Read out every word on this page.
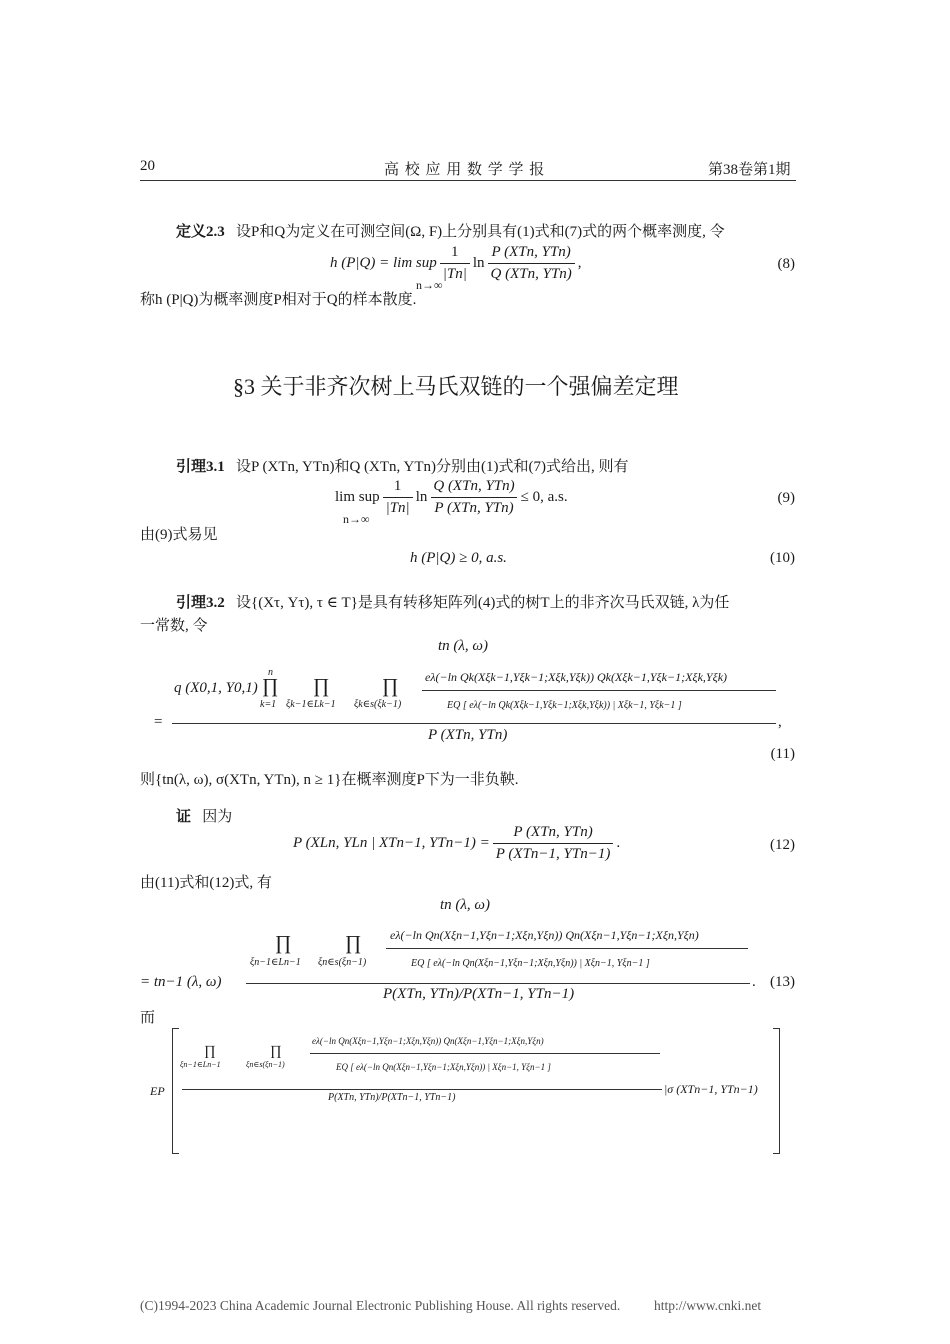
20	高 校 应 用 数 学 学 报	第38卷第1期
定义2.3 设P和Q为定义在可测空间(Ω, F)上分别具有(1)式和(7)式的两个概率测度, 令
h (P|Q) = lim sup
n→∞
$\frac{1}{|Tn|}$ $\ln \frac{\text{P (XTn, YTn)}}{\text{Q (XTn, YTn)}}$ ,	(8)
称h (P|Q)为概率测度P相对于Q的样本散度.
§3 关于非齐次树上马氏双链的一个强偏差定理
引理3.1 设P (XTn, YTn)和Q (XTn, YTn)分别由(1)式和(7)式给出, 则有
lim sup
n→∞
$\frac{1}{|Tn|}$ $\ln \frac{\text{Q (XTn, YTn)}}{\text{P (XTn, YTn)}} \le 0$, a.s.	(9)
由(9)式易见
h (P|Q) ≥ 0, a.s.	(10)
引理3.2 设{(Xτ, Yτ), τ ∈ T}是具有转移矩阵列(4)式的树T上的非齐次马氏双链, λ为任
一常数, 令
tn (λ, ω)
q (X0,1, Y0,1)
n
∏
k=1
∏
ξk−1∈Lk−1
∏
ξk∈s(ξk−1)
eλ(−ln Qk(Xξk−1,Yξk−1;Xξk,Yξk)) Qk(Xξk−1,Yξk−1;Xξk,Yξk)
EQ [ eλ(−ln Qk(Xξk−1,Yξk−1;Xξk,Yξk)) | Xξk−1, Yξk−1 ]
=	,
P (XTn, YTn)
(11)
则{tn(λ, ω), σ(XTn, YTn), n ≥ 1}在概率测度P下为一非负鞅.
证 因为
P (XLn, YLn | XTn−1, $YTn-1) = \frac{\text{P (XTn, YTn)}}{\text{P (XTn−1, YTn−1)}}$ .	(12)
由(11)式和(12)式, 有
tn (λ, ω)
∏
ξn−1∈Ln−1
∏
ξn∈s(ξn−1)
eλ(−ln Qn(Xξn−1,Yξn−1;Xξn,Yξn)) Qn(Xξn−1,Yξn−1;Xξn,Yξn)
EQ [ eλ(−ln Qn(Xξn−1,Yξn−1;Xξn,Yξn)) | Xξn−1, Yξn−1 ]
= tn−1 (λ, ω)	.
P(XTn, YTn)/P(XTn−1, YTn−1)
(13)
而
EP
∏
ξn−1∈Ln−1
∏
ξn∈s(ξn−1)
eλ(−ln Qn(Xξn−1,Yξn−1;Xξn,Yξn)) Qn(Xξn−1,Yξn−1;Xξn,Yξn)
EQ [ eλ(−ln Qn(Xξn−1,Yξn−1;Xξn,Yξn)) | Xξn−1, Yξn−1 ]
P(XTn, YTn)/P(XTn−1, YTn−1)
|σ (XTn−1, YTn−1)
(C)1994-2023 China Academic Journal Electronic Publishing House. All rights reserved. http://www.cnki.net
